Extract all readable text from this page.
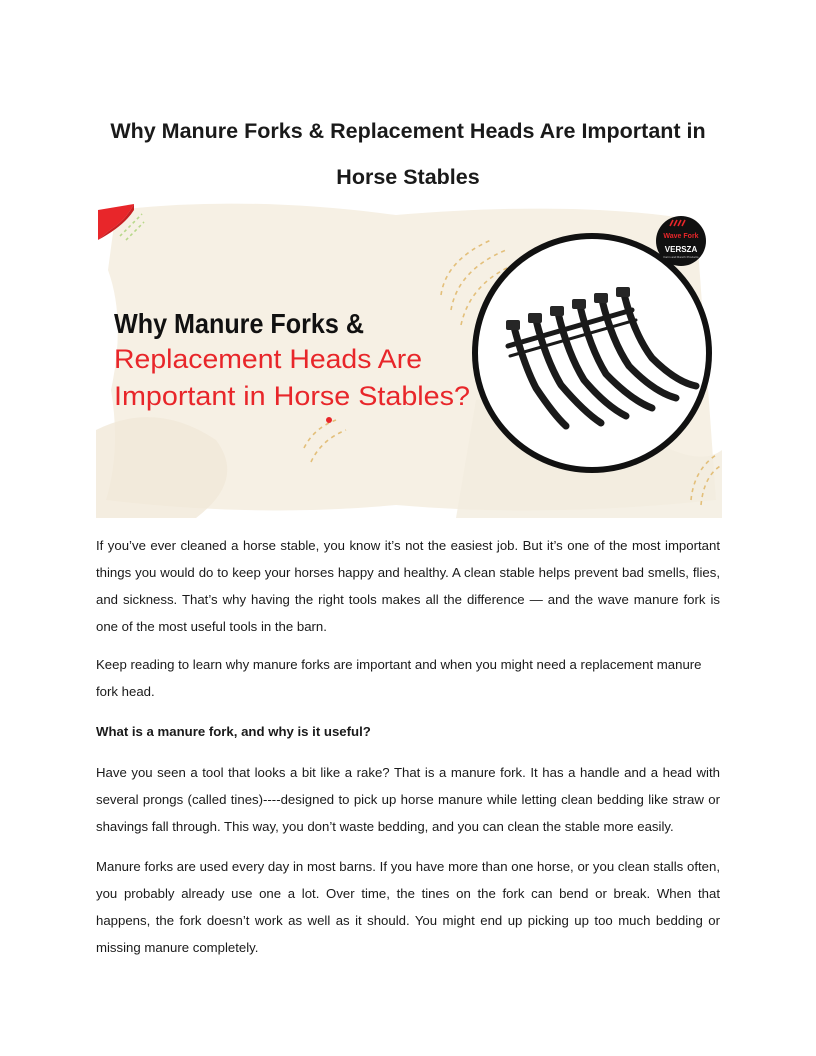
Why Manure Forks & Replacement Heads Are Important in Horse Stables
Why Manure Forks &
Replacement Heads Are
Important in Horse Stables?
Wave Fork
VERSZA
Farm and Ranch Products

If you’ve ever cleaned a horse stable, you know it’s not the easiest job. But it’s one of the most important things you would do to keep your horses happy and healthy. A clean stable helps prevent bad smells, flies, and sickness. That’s why having the right tools makes all the difference — and the wave manure fork is one of the most useful tools in the barn.

Keep reading to learn why manure forks are important and when you might need a replacement manure fork head.

What is a manure fork, and why is it useful?

Have you seen a tool that looks a bit like a rake? That is a manure fork. It has a handle and a head with several prongs (called tines)----designed to pick up horse manure while letting clean bedding like straw or shavings fall through. This way, you don’t waste bedding, and you can clean the stable more easily.

Manure forks are used every day in most barns. If you have more than one horse, or you clean stalls often, you probably already use one a lot. Over time, the tines on the fork can bend or break. When that happens, the fork doesn’t work as well as it should. You might end up picking up too much bedding or missing manure completely.
